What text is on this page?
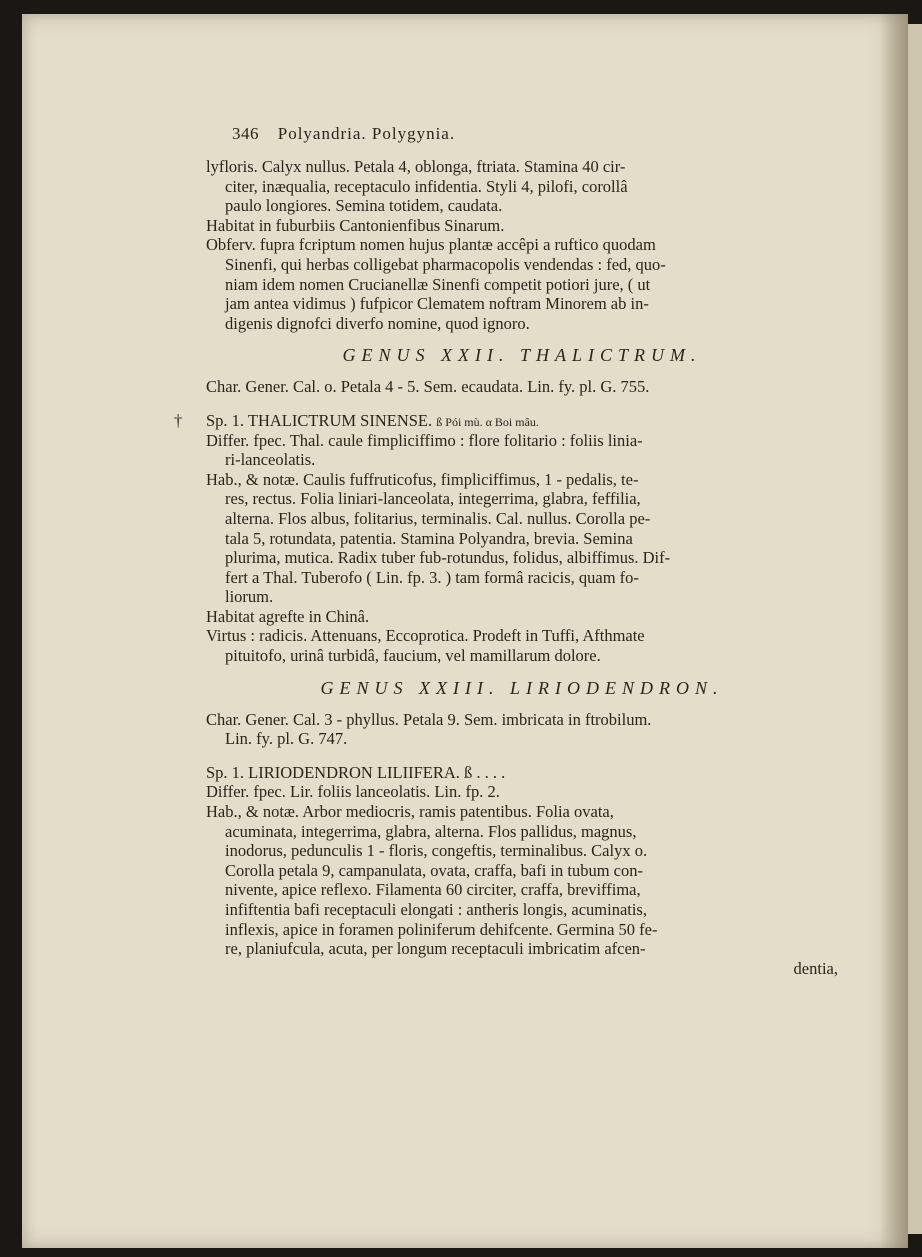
346 Polyandria. Polygynia.
lyfloris. Calyx nullus. Petala 4, oblonga, ftriata. Stamina 40 cir-
citer, inæqualia, receptaculo infidentia. Styli 4, pilofi, corollâ
paulo longiores. Semina totidem, caudata.
Habitat in fuburbiis Cantonienfibus Sinarum.
Obferv. fupra fcriptum nomen hujus plantæ accêpi a ruftico quodam
Sinenfi, qui herbas colligebat pharmacopolis vendendas : fed, quo-
niam idem nomen Crucianellæ Sinenfi competit potiori jure, ( ut
jam antea vidimus ) fufpicor Clematem noftram Minorem ab in-
digenis dignofci diverfo nomine, quod ignoro.
GENUS XXII. THALICTRUM.
Char. Gener. Cal. o. Petala 4 - 5. Sem. ecaudata. Lin. fy. pl. G. 755.
† Sp. 1. THALICTRUM SINENSE. ß Pói mù. α Boi mâu.
Differ. fpec. Thal. caule fimpliciffimo : flore folitario : foliis linia-
ri-lanceolatis.
Hab., & notæ. Caulis fuffruticofus, fimpliciffimus, 1 - pedalis, te-
res, rectus. Folia liniari-lanceolata, integerrima, glabra, feffilia,
alterna. Flos albus, folitarius, terminalis. Cal. nullus. Corolla pe-
tala 5, rotundata, patentia. Stamina Polyandra, brevia. Semina
plurima, mutica. Radix tuber fub-rotundus, folidus, albiffimus. Dif-
fert a Thal. Tuberofo ( Lin. fp. 3. ) tam formâ racicis, quam fo-
liorum.
Habitat agrefte in Chinâ.
Virtus : radicis. Attenuans, Eccoprotica. Prodeft in Tuffi, Afthmate
pituitofo, urinâ turbidâ, faucium, vel mamillarum dolore.
GENUS XXIII. LIRIODENDRON.
Char. Gener. Cal. 3 - phyllus. Petala 9. Sem. imbricata in ftrobilum.
Lin. fy. pl. G. 747.
Sp. 1. LIRIODENDRON LILIIFERA. ß . . . .
Differ. fpec. Lir. foliis lanceolatis. Lin. fp. 2.
Hab., & notæ. Arbor mediocris, ramis patentibus. Folia ovata,
acuminata, integerrima, glabra, alterna. Flos pallidus, magnus,
inodorus, pedunculis 1 - floris, congeftis, terminalibus. Calyx o.
Corolla petala 9, campanulata, ovata, craffa, bafi in tubum con-
nivente, apice reflexo. Filamenta 60 circiter, craffa, breviffima,
infiftentia bafi receptaculi elongati : antheris longis, acuminatis,
inflexis, apice in foramen poliniferum dehifcente. Germina 50 fe-
re, planiufcula, acuta, per longum receptaculi imbricatim afcen-
dentia,
